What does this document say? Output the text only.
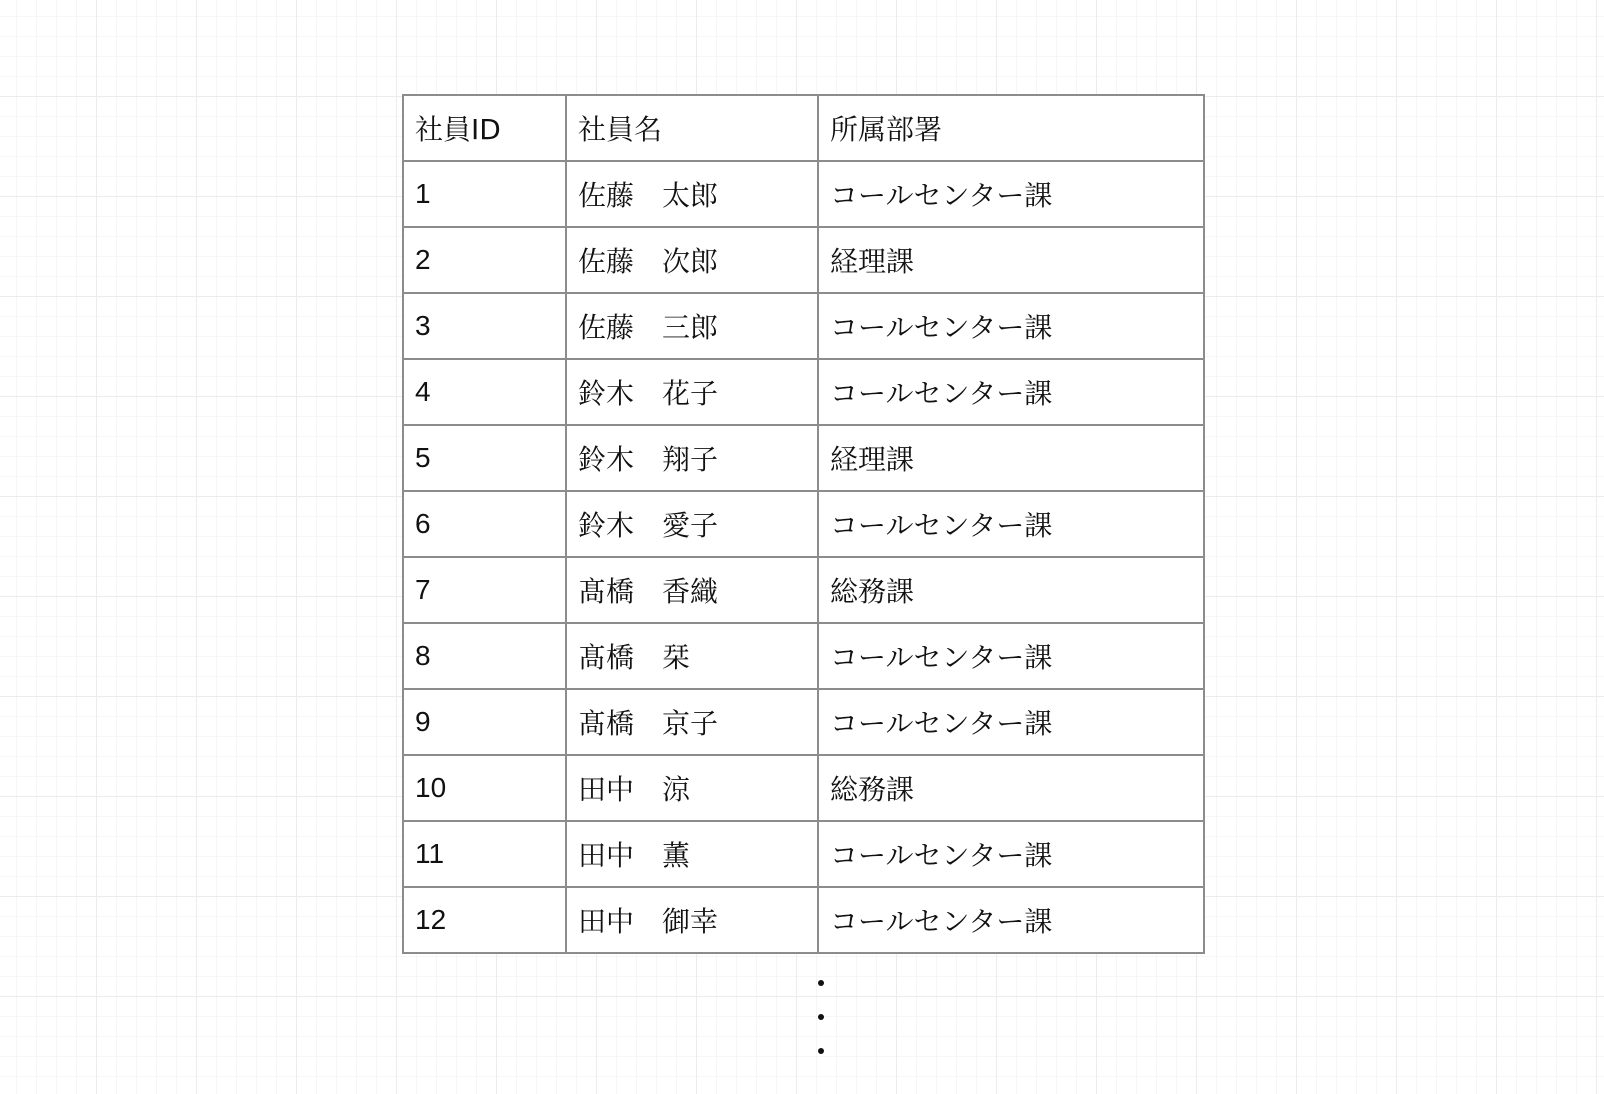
社員ID	社員名	所属部署
1	佐藤　太郎	コールセンター課
2	佐藤　次郎	経理課
3	佐藤　三郎	コールセンター課
4	鈴木　花子	コールセンター課
5	鈴木　翔子	経理課
6	鈴木　愛子	コールセンター課
7	髙橋　香織	総務課
8	髙橋　栞	コールセンター課
9	髙橋　京子	コールセンター課
10	田中　涼	総務課
11	田中　薫	コールセンター課
12	田中　御幸	コールセンター課
